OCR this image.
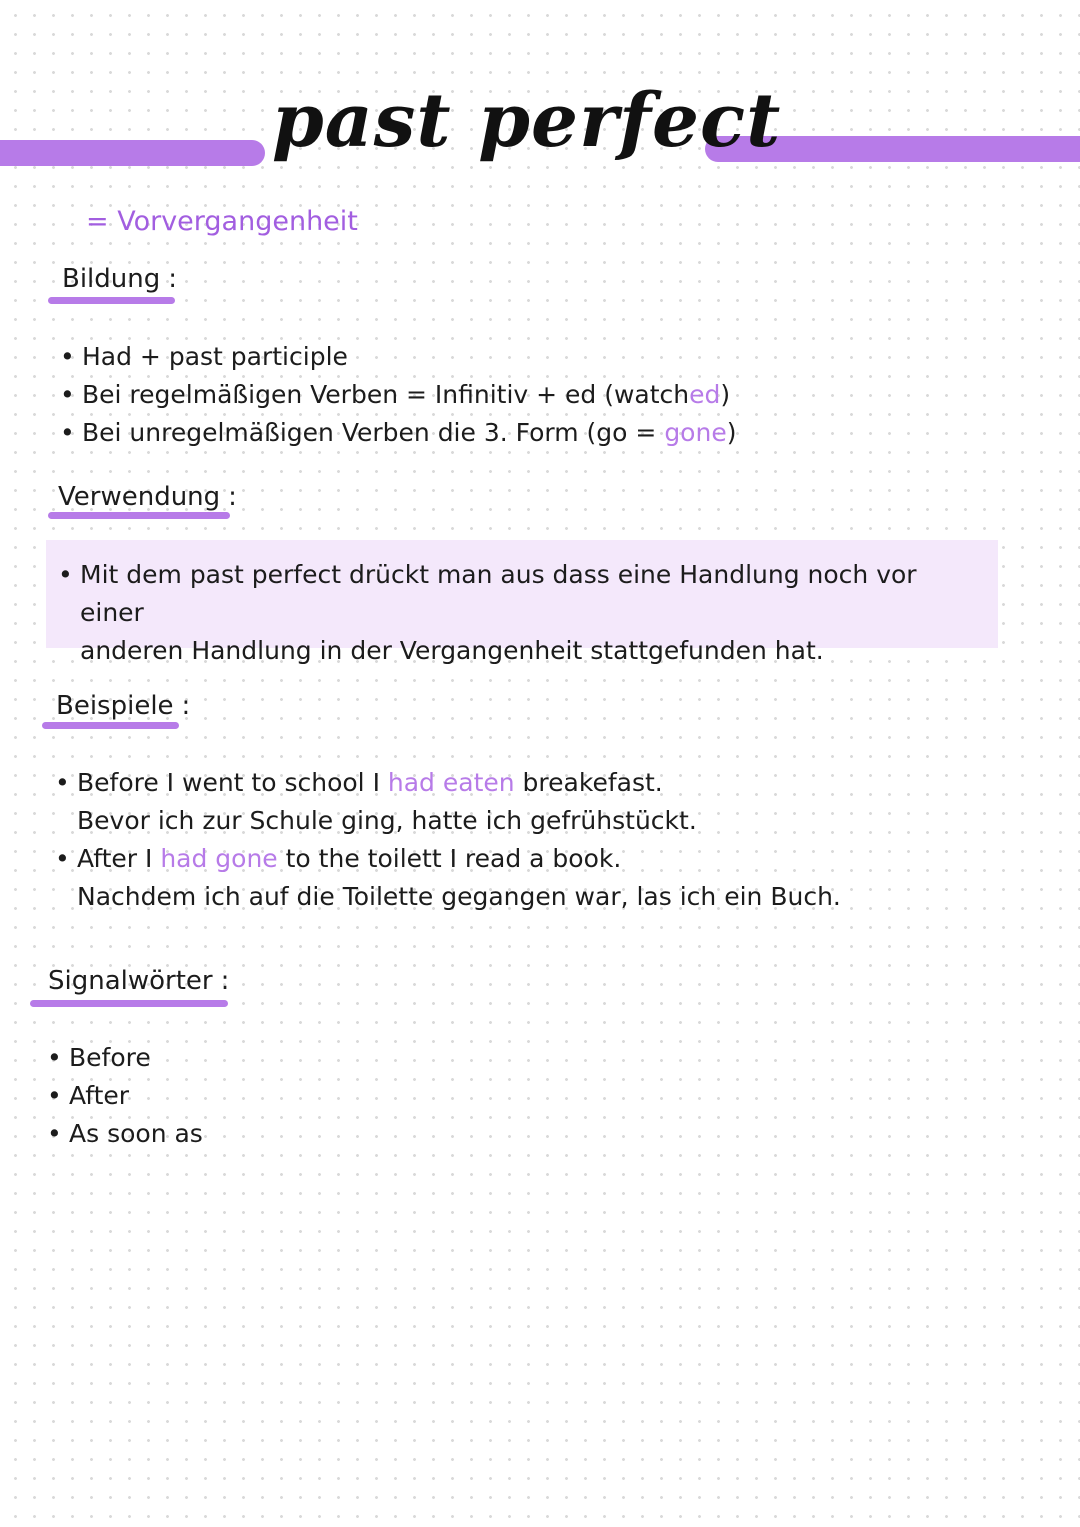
past perfect
= Vorvergangenheit
Bildung :
• Had + past participle
• Bei regelmäßigen Verben = Infinitiv + ed (watched)
• Bei unregelmäßigen Verben die 3. Form (go = gone)
Verwendung :
• Mit dem past perfect drückt man aus dass eine Handlung noch vor einer
anderen Handlung in der Vergangenheit stattgefunden hat.
Beispiele :
• Before I went to school I had eaten breakefast.
Bevor ich zur Schule ging, hatte ich gefrühstückt.
• After I had gone to the toilett I read a book.
Nachdem ich auf die Toilette gegangen war, las ich ein Buch.
Signalwörter :
• Before
• After
• As soon as
